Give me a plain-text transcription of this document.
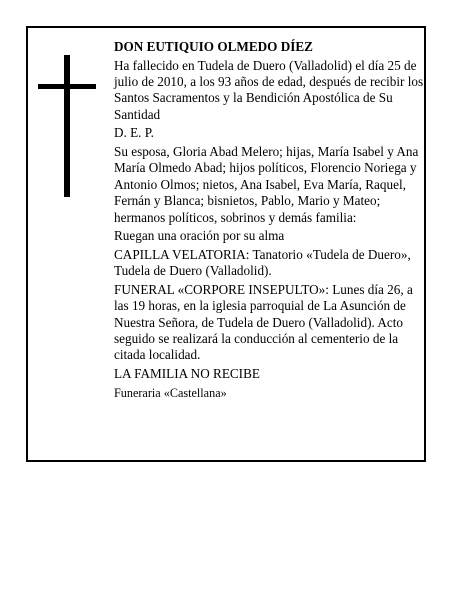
DON EUTIQUIO OLMEDO DÍEZ

Ha fallecido en Tudela de Duero (Valladolid) el día 25 de julio de 2010, a los 93 años de edad, después de recibir los Santos Sacramentos y la Bendición Apostólica de Su Santidad

D. E. P.

Su esposa, Gloria Abad Melero; hijas, María Isabel y Ana María Olmedo Abad; hijos políticos, Florencio Noriega y Antonio Olmos; nietos, Ana Isabel, Eva María, Raquel, Fernán y Blanca; bisnietos, Pablo, Mario y Mateo; hermanos políticos, sobrinos y demás familia:

Ruegan una oración por su alma

CAPILLA VELATORIA: Tanatorio «Tudela de Duero», Tudela de Duero (Valladolid).

FUNERAL «CORPORE INSEPULTO»: Lunes día 26, a las 19 horas, en la iglesia parroquial de La Asunción de Nuestra Señora, de Tudela de Duero (Valladolid). Acto seguido se realizará la conducción al cementerio de la citada localidad.

LA FAMILIA NO RECIBE

Funeraria «Castellana»
